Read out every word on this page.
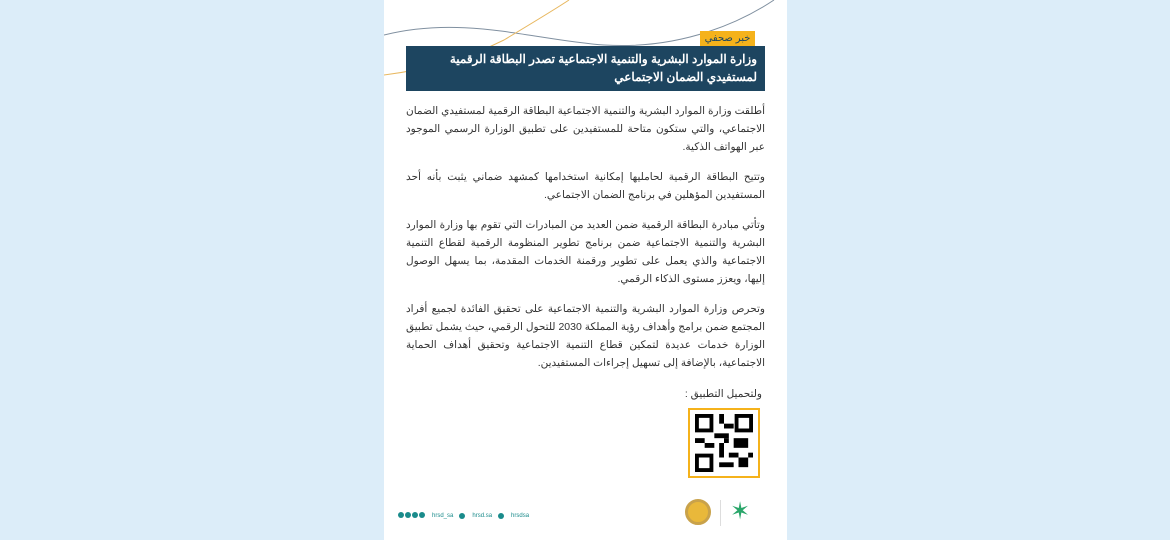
وزارة الموارد البشرية والتنمية الاجتماعية تصدر البطاقة الرقمية لمستفيدي الضمان الاجتماعي
خبر صحفي

أطلقت وزارة الموارد البشرية والتنمية الاجتماعية البطاقة الرقمية لمستفيدي الضمان الاجتماعي، والتي ستكون متاحة للمستفيدين على تطبيق الوزارة الرسمي الموجود عبر الهواتف الذكية.

وتتيح البطاقة الرقمية لحامليها إمكانية استخدامها كمشهد ضماني يثبت بأنه أحد المستفيدين المؤهلين في برنامج الضمان الاجتماعي.

وتأتي مبادرة البطاقة الرقمية ضمن العديد من المبادرات التي تقوم بها وزارة الموارد البشرية والتنمية الاجتماعية ضمن برنامج تطوير المنظومة الرقمية لقطاع التنمية الاجتماعية والذي يعمل على تطوير ورقمنة الخدمات المقدمة، بما يسهل الوصول إليها، ويعزز مستوى الذكاء الرقمي.

وتحرص وزارة الموارد البشرية والتنمية الاجتماعية على تحقيق الفائدة لجميع أفراد المجتمع ضمن برامج وأهداف رؤية المملكة 2030 للتحول الرقمي، حيث يشمل تطبيق الوزارة خدمات عديدة لتمكين قطاع التنمية الاجتماعية وتحقيق أهداف الحماية الاجتماعية، بالإضافة إلى تسهيل إجراءات المستفيدين.

ولتحميل التطبيق :
hrsd_sa	hrsd.sa	hrsdsa	✶
